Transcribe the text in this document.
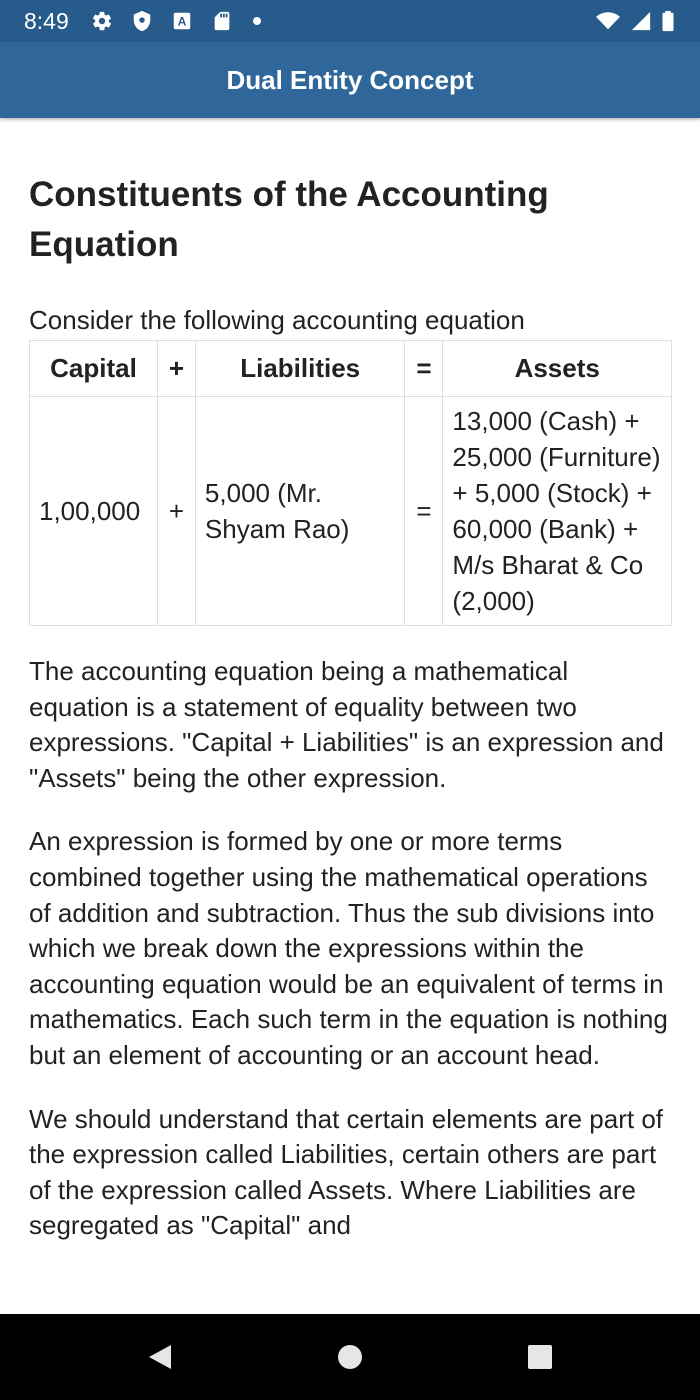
8:49	A
Dual Entity Concept
Constituents of the Accounting Equation

Consider the following accounting equation

Capital	+	Liabilities	=	Assets
1,00,000	+	5,000 (Mr. Shyam Rao)	=	13,000 (Cash) + 25,000 (Furniture) + 5,000 (Stock) + 60,000 (Bank) + M/s Bharat & Co (2,000)

The accounting equation being a mathematical equation is a statement of equality between two expressions. "Capital + Liabilities" is an expression and "Assets" being the other expression.

An expression is formed by one or more terms combined together using the mathematical operations of addition and subtraction. Thus the sub divisions into which we break down the expressions within the accounting equation would be an equivalent of terms in mathematics. Each such term in the equation is nothing but an element of accounting or an account head.

We should understand that certain elements are part of the expression called Liabilities, certain others are part of the expression called Assets. Where Liabilities are segregated as "Capital" and
